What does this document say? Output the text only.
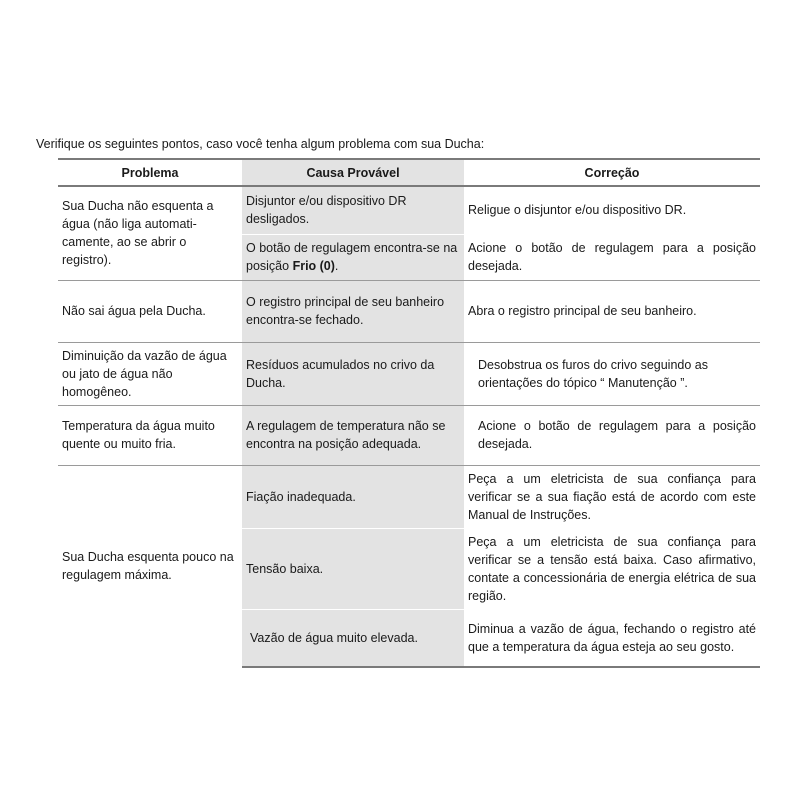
Verifique os seguintes pontos, caso você tenha algum problema com sua Ducha:
Problema	Causa Provável	Correção
Sua Ducha não esquenta a água (não liga automati- camente, ao se abrir o registro).	Disjuntor e/ou dispositivo DR desligados.	Religue o disjuntor e/ou dispositivo DR.
	O botão de regulagem encontra-se na posição Frio (0).	Acione o botão de regulagem para a posição desejada.
Não sai água pela Ducha.	O registro principal de seu banheiro encontra-se fechado.	Abra o registro principal de seu banheiro.
Diminuição da vazão de água ou jato de água não homogêneo.	Resíduos acumulados no crivo da Ducha.	Desobstrua os furos do crivo seguindo as orientações do tópico “ Manutenção ”.
Temperatura da água muito quente ou muito fria.	A regulagem de temperatura não se encontra na posição adequada.	Acione o botão de regulagem para a posição desejada.
Sua Ducha esquenta pouco na regulagem máxima.	Fiação inadequada.	Peça a um eletricista de sua confiança para verificar se a sua fiação está de acordo com este Manual de Instruções.
	Tensão baixa.	Peça a um eletricista de sua confiança para verificar se a tensão está baixa. Caso afirmativo, contate a concessionária de energia elétrica de sua região.
	Vazão de água muito elevada.	Diminua a vazão de água, fechando o registro até que a temperatura da água esteja ao seu gosto.
